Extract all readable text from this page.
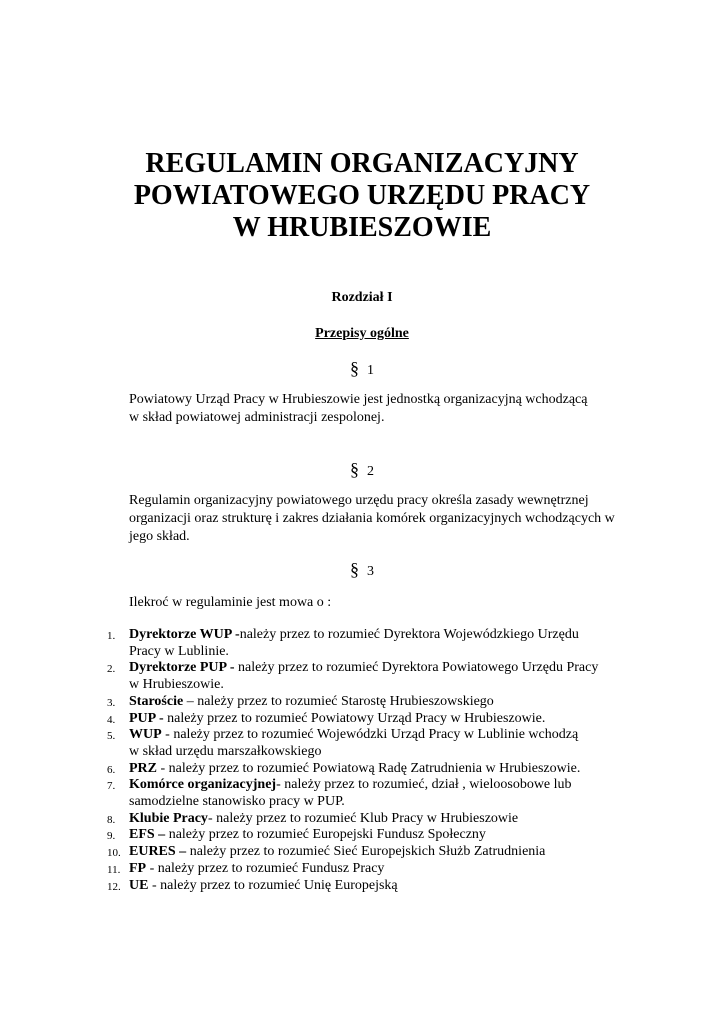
REGULAMIN ORGANIZACYJNY
POWIATOWEGO URZĘDU PRACY
W HRUBIESZOWIE
Rozdział I
Przepisy ogólne
§ 1
Powiatowy Urząd Pracy w Hrubieszowie jest jednostką organizacyjną wchodzącą
w skład powiatowej administracji zespolonej.
§ 2
Regulamin organizacyjny powiatowego urzędu pracy określa zasady wewnętrznej
organizacji oraz strukturę i zakres działania komórek organizacyjnych wchodzących w
jego skład.
§ 3
Ilekroć w regulaminie jest mowa o :
1. Dyrektorze WUP -należy przez to rozumieć Dyrektora Wojewódzkiego Urzędu
Pracy w Lublinie.
2. Dyrektorze PUP - należy przez to rozumieć Dyrektora Powiatowego Urzędu Pracy
w Hrubieszowie.
3. Staroście – należy przez to rozumieć Starostę Hrubieszowskiego
4. PUP - należy przez to rozumieć Powiatowy Urząd Pracy w Hrubieszowie.
5. WUP - należy przez to rozumieć Wojewódzki Urząd Pracy w Lublinie wchodzą
w skład urzędu marszałkowskiego
6. PRZ - należy przez to rozumieć Powiatową Radę Zatrudnienia w Hrubieszowie.
7. Komórce organizacyjnej- należy przez to rozumieć, dział , wieloosobowe lub
samodzielne stanowisko pracy w PUP.
8. Klubie Pracy- należy przez to rozumieć Klub Pracy w Hrubieszowie
9. EFS – należy przez to rozumieć Europejski Fundusz Społeczny
10. EURES – należy przez to rozumieć Sieć Europejskich Służb Zatrudnienia
11. FP - należy przez to rozumieć Fundusz Pracy
12. UE - należy przez to rozumieć Unię Europejską
